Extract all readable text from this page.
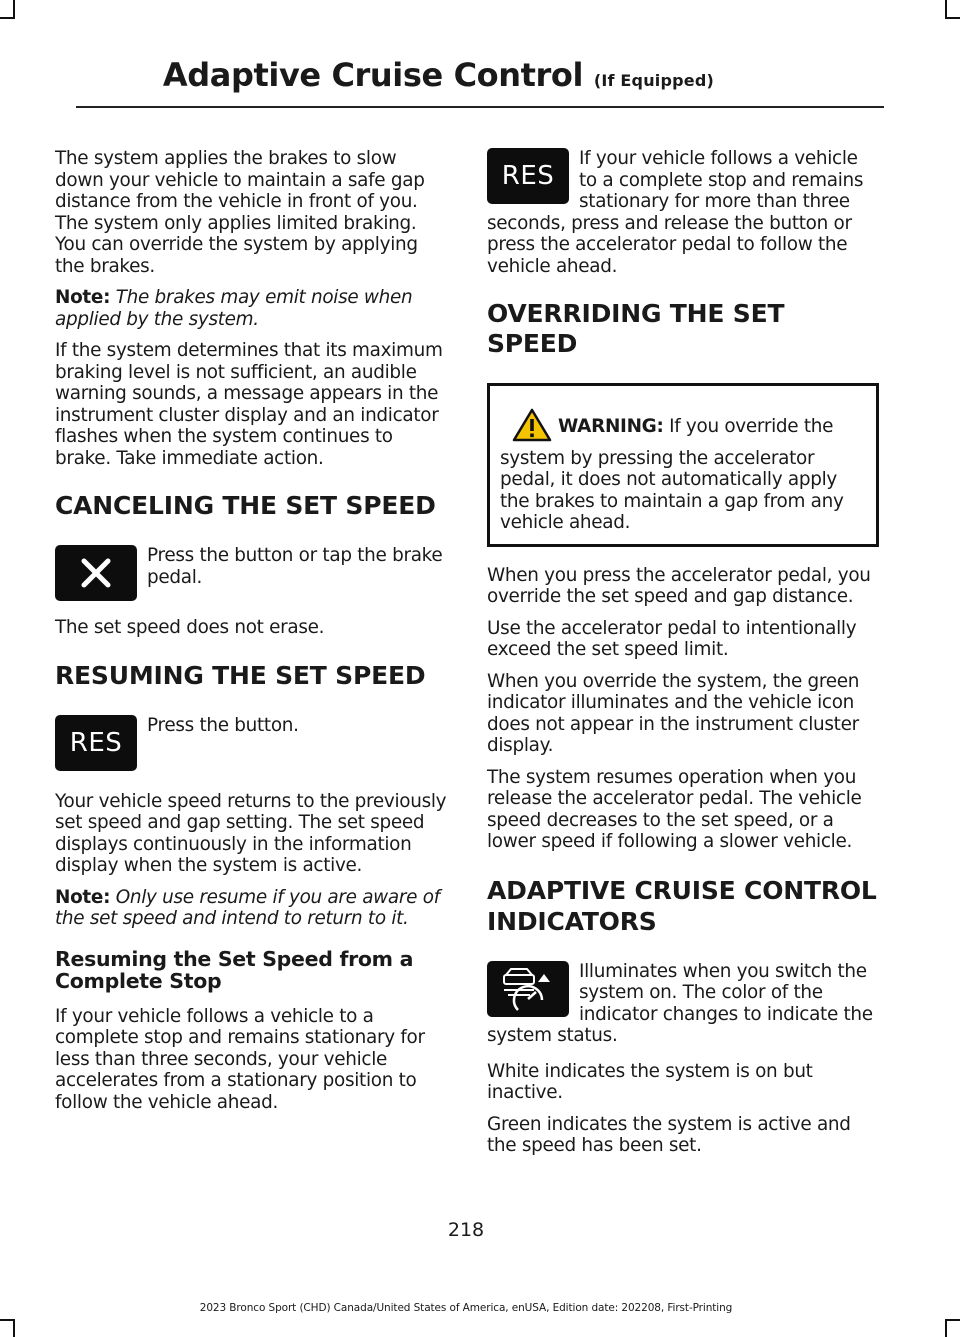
Adaptive Cruise Control (If Equipped)

The system applies the brakes to slow down your vehicle to maintain a safe gap distance from the vehicle in front of you. The system only applies limited braking. You can override the system by applying the brakes.

Note: The brakes may emit noise when applied by the system.

If the system determines that its maximum braking level is not sufficient, an audible warning sounds, a message appears in the instrument cluster display and an indicator flashes when the system continues to brake. Take immediate action.

CANCELING THE SET SPEED

Press the button or tap the brake pedal.

The set speed does not erase.

RESUMING THE SET SPEED
RES

Press the button.

Your vehicle speed returns to the previously set speed and gap setting. The set speed displays continuously in the information display when the system is active.

Note: Only use resume if you are aware of the set speed and intend to return to it.

Resuming the Set Speed from a Complete Stop

If your vehicle follows a vehicle to a complete stop and remains stationary for less than three seconds, your vehicle accelerates from a stationary position to follow the vehicle ahead.

RES

If your vehicle follows a vehicle to a complete stop and remains stationary for more than three seconds, press and release the button or press the accelerator pedal to follow the vehicle ahead.

OVERRIDING THE SET SPEED

WARNING: If you override the system by pressing the accelerator pedal, it does not automatically apply the brakes to maintain a gap from any vehicle ahead.

When you press the accelerator pedal, you override the set speed and gap distance.

Use the accelerator pedal to intentionally exceed the set speed limit.

When you override the system, the green indicator illuminates and the vehicle icon does not appear in the instrument cluster display.

The system resumes operation when you release the accelerator pedal. The vehicle speed decreases to the set speed, or a lower speed if following a slower vehicle.

ADAPTIVE CRUISE CONTROL
INDICATORS

Illuminates when you switch the system on. The color of the indicator changes to indicate the system status.

White indicates the system is on but inactive.

Green indicates the system is active and the speed has been set.

218
2023 Bronco Sport (CHD) Canada/United States of America, enUSA, Edition date: 202208, First-Printing
